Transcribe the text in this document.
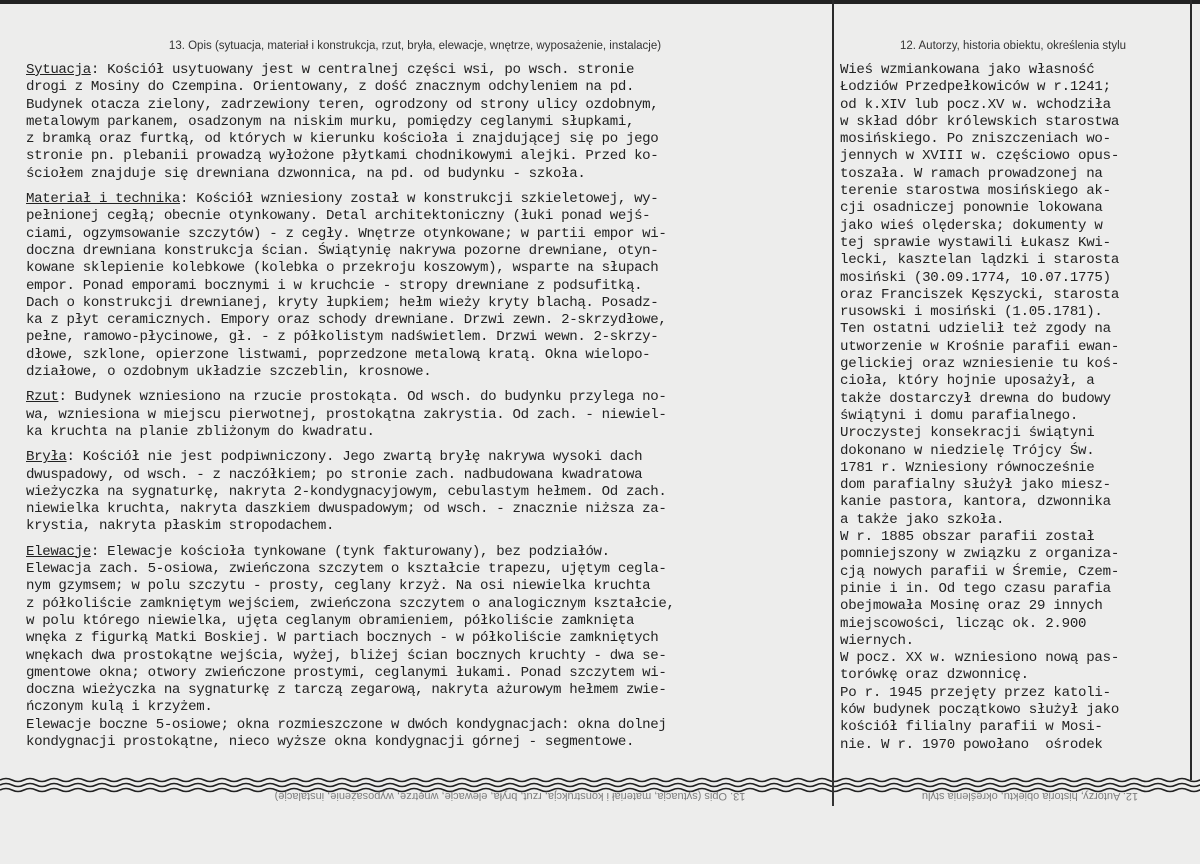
13. Opis (sytuacja, materiał i konstrukcja, rzut, bryła, elewacje, wnętrze, wyposażenie, instalacje)	12. Autorzy, historia obiektu, określenia stylu
Sytuacja: Kościół usytuowany jest w centralnej części wsi, po wsch. stronie
drogi z Mosiny do Czempina. Orientowany, z dość znacznym odchyleniem na pd.
Budynek otacza zielony, zadrzewiony teren, ogrodzony od strony ulicy ozdobnym,
metalowym parkanem, osadzonym na niskim murku, pomiędzy ceglanymi słupkami,
z bramką oraz furtką, od których w kierunku kościoła i znajdującej się po jego
stronie pn. plebanii prowadzą wyłożone płytkami chodnikowymi alejki. Przed ko-
ściołem znajduje się drewniana dzwonnica, na pd. od budynku - szkoła.
Materiał i technika: Kościół wzniesiony został w konstrukcji szkieletowej, wy-
pełnionej cegłą; obecnie otynkowany. Detal architektoniczny (łuki ponad wejś-
ciami, ogzymsowanie szczytów) - z cegły. Wnętrze otynkowane; w partii empor wi-
doczna drewniana konstrukcja ścian. Świątynię nakrywa pozorne drewniane, otyn-
kowane sklepienie kolebkowe (kolebka o przekroju koszowym), wsparte na słupach
empor. Ponad emporami bocznymi i w kruchcie - stropy drewniane z podsufitką.
Dach o konstrukcji drewnianej, kryty łupkiem; hełm wieży kryty blachą. Posadz-
ka z płyt ceramicznych. Empory oraz schody drewniane. Drzwi zewn. 2-skrzydłowe,
pełne, ramowo-płycinowe, gł. - z półkolistym nadświetlem. Drzwi wewn. 2-skrzy-
dłowe, szklone, opierzone listwami, poprzedzone metalową kratą. Okna wielopo-
działowe, o ozdobnym układzie szczeblin, krosnowe.
Rzut: Budynek wzniesiono na rzucie prostokąta. Od wsch. do budynku przylega no-
wa, wzniesiona w miejscu pierwotnej, prostokątna zakrystia. Od zach. - niewiel-
ka kruchta na planie zbliżonym do kwadratu.
Bryła: Kościół nie jest podpiwniczony. Jego zwartą bryłę nakrywa wysoki dach
dwuspadowy, od wsch. - z naczółkiem; po stronie zach. nadbudowana kwadratowa
wieżyczka na sygnaturkę, nakryta 2-kondygnacyjowym, cebulastym hełmem. Od zach.
niewielka kruchta, nakryta daszkiem dwuspadowym; od wsch. - znacznie niższa za-
krystia, nakryta płaskim stropodachem.
Elewacje: Elewacje kościoła tynkowane (tynk fakturowany), bez podziałów.
Elewacja zach. 5-osiowa, zwieńczona szczytem o kształcie trapezu, ujętym cegla-
nym gzymsem; w polu szczytu - prosty, ceglany krzyż. Na osi niewielka kruchta
z półkoliście zamkniętym wejściem, zwieńczona szczytem o analogicznym kształcie,
w polu którego niewielka, ujęta ceglanym obramieniem, półkoliście zamknięta
wnęka z figurką Matki Boskiej. W partiach bocznych - w półkoliście zamkniętych
wnękach dwa prostokątne wejścia, wyżej, bliżej ścian bocznych kruchty - dwa se-
gmentowe okna; otwory zwieńczone prostymi, ceglanymi łukami. Ponad szczytem wi-
doczna wieżyczka na sygnaturkę z tarczą zegarową, nakryta ażurowym hełmem zwie-
ńczonym kulą i krzyżem.
Elewacje boczne 5-osiowe; okna rozmieszczone w dwóch kondygnacjach: okna dolnej
kondygnacji prostokątne, nieco wyższe okna kondygnacji górnej - segmentowe.
Wieś wzmiankowana jako własność
Łodziów Przedpełkowiców w r.1241;
od k.XIV lub pocz.XV w. wchodziła
w skład dóbr królewskich starostwa
mosińskiego. Po zniszczeniach wo-
jennych w XVIII w. częściowo opus-
toszała. W ramach prowadzonej na
terenie starostwa mosińskiego ak-
cji osadniczej ponownie lokowana
jako wieś olęderska; dokumenty w
tej sprawie wystawili Łukasz Kwi-
lecki, kasztelan lądzki i starosta
mosiński (30.09.1774, 10.07.1775)
oraz Franciszek Kęszycki, starosta
rusowski i mosiński (1.05.1781).
Ten ostatni udzielił też zgody na
utworzenie w Krośnie parafii ewan-
gelickiej oraz wzniesienie tu koś-
cioła, który hojnie uposażył, a
także dostarczył drewna do budowy
świątyni i domu parafialnego.
Uroczystej konsekracji świątyni
dokonano w niedzielę Trójcy Św.
1781 r. Wzniesiony równocześnie
dom parafialny służył jako miesz-
kanie pastora, kantora, dzwonnika
a także jako szkoła.
W r. 1885 obszar parafii został
pomniejszony w związku z organiza-
cją nowych parafii w Śremie, Czem-
pinie i in. Od tego czasu parafia
obejmowała Mosinę oraz 29 innych
miejscowości, licząc ok. 2.900
wiernych.
W pocz. XX w. wzniesiono nową pas-
torówkę oraz dzwonnicę.
Po r. 1945 przejęty przez katoli-
ków budynek początkowo służył jako
kościół filialny parafii w Mosi-
nie. W r. 1970 powołano  ośrodek
13. Opis (sytuacja, materiał i konstrukcja, rzut, bryła, elewacje, wnętrze, wyposażenie, instalacje)	12. Autorzy, historia obiektu, określenia stylu
